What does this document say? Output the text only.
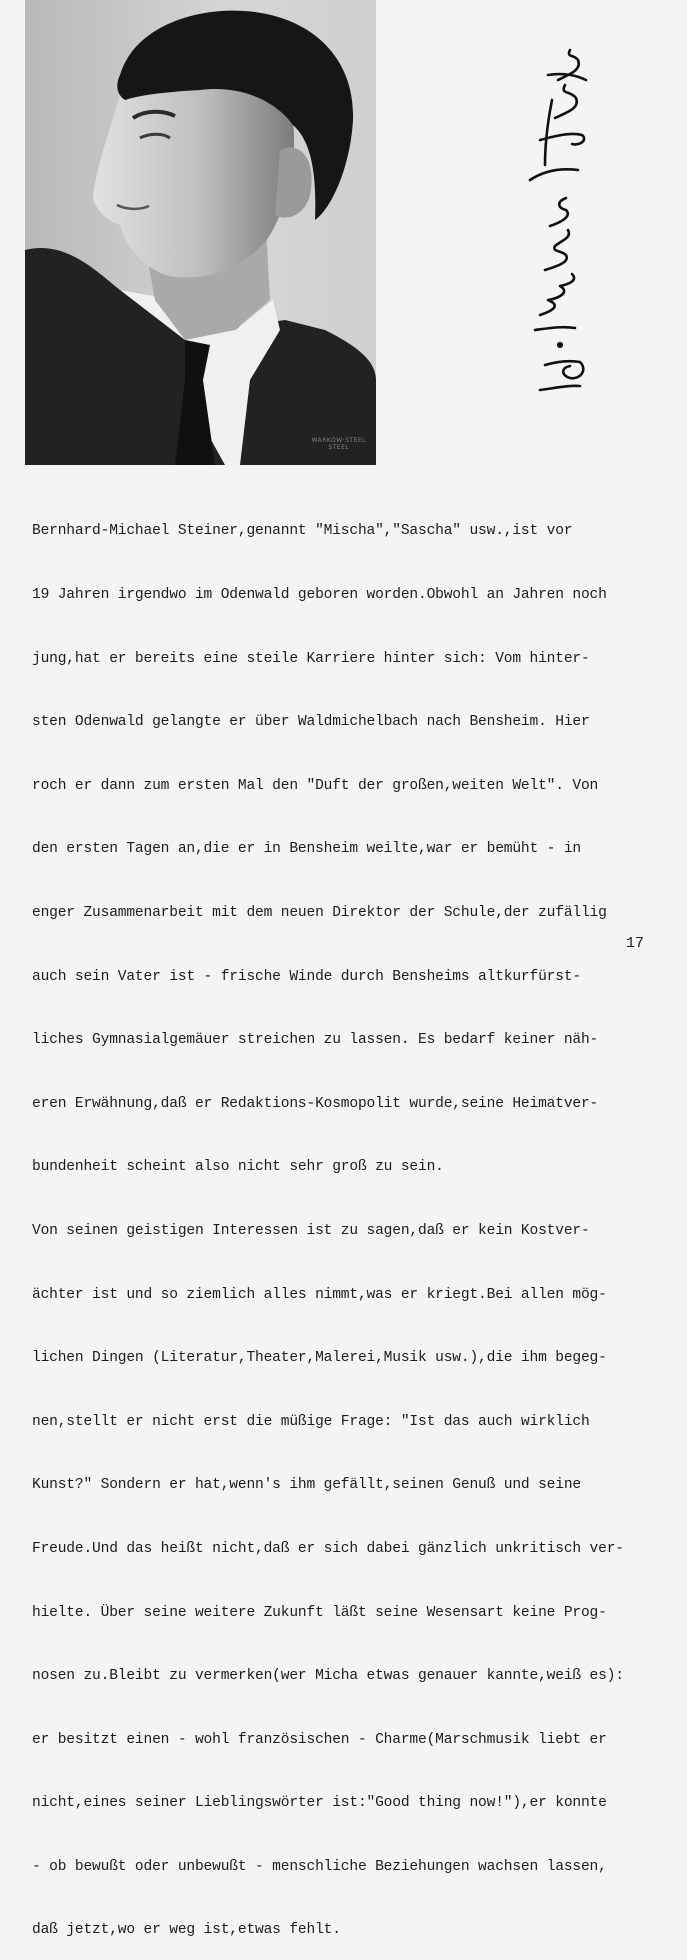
WÄRKOW·STEEL
STEEL

Bernhard-Michael Steiner,genannt "Mischa","Sascha" usw.,ist vor

19 Jahren irgendwo im Odenwald geboren worden.Obwohl an Jahren noch

jung,hat er bereits eine steile Karriere hinter sich: Vom hinter-

sten Odenwald gelangte er über Waldmichelbach nach Bensheim. Hier

roch er dann zum ersten Mal den "Duft der großen,weiten Welt". Von

den ersten Tagen an,die er in Bensheim weilte,war er bemüht - in

enger Zusammenarbeit mit dem neuen Direktor der Schule,der zufällig

auch sein Vater ist - frische Winde durch Bensheims altkurfürst-

liches Gymnasialgemäuer streichen zu lassen. Es bedarf keiner näh-

eren Erwähnung,daß er Redaktions-Kosmopolit wurde,seine Heimatver-

bundenheit scheint also nicht sehr groß zu sein.

Von seinen geistigen Interessen ist zu sagen,daß er kein Kostver-

ächter ist und so ziemlich alles nimmt,was er kriegt.Bei allen mög-

lichen Dingen (Literatur,Theater,Malerei,Musik usw.),die ihm begeg-

nen,stellt er nicht erst die müßige Frage: "Ist das auch wirklich

Kunst?" Sondern er hat,wenn's ihm gefällt,seinen Genuß und seine

Freude.Und das heißt nicht,daß er sich dabei gänzlich unkritisch ver-

hielte. Über seine weitere Zukunft läßt seine Wesensart keine Prog-

nosen zu.Bleibt zu vermerken(wer Micha etwas genauer kannte,weiß es):

er besitzt einen - wohl französischen - Charme(Marschmusik liebt er

nicht,eines seiner Lieblingswörter ist:"Good thing now!"),er konnte

- ob bewußt oder unbewußt - menschliche Beziehungen wachsen lassen,

daß jetzt,wo er weg ist,etwas fehlt.

17
